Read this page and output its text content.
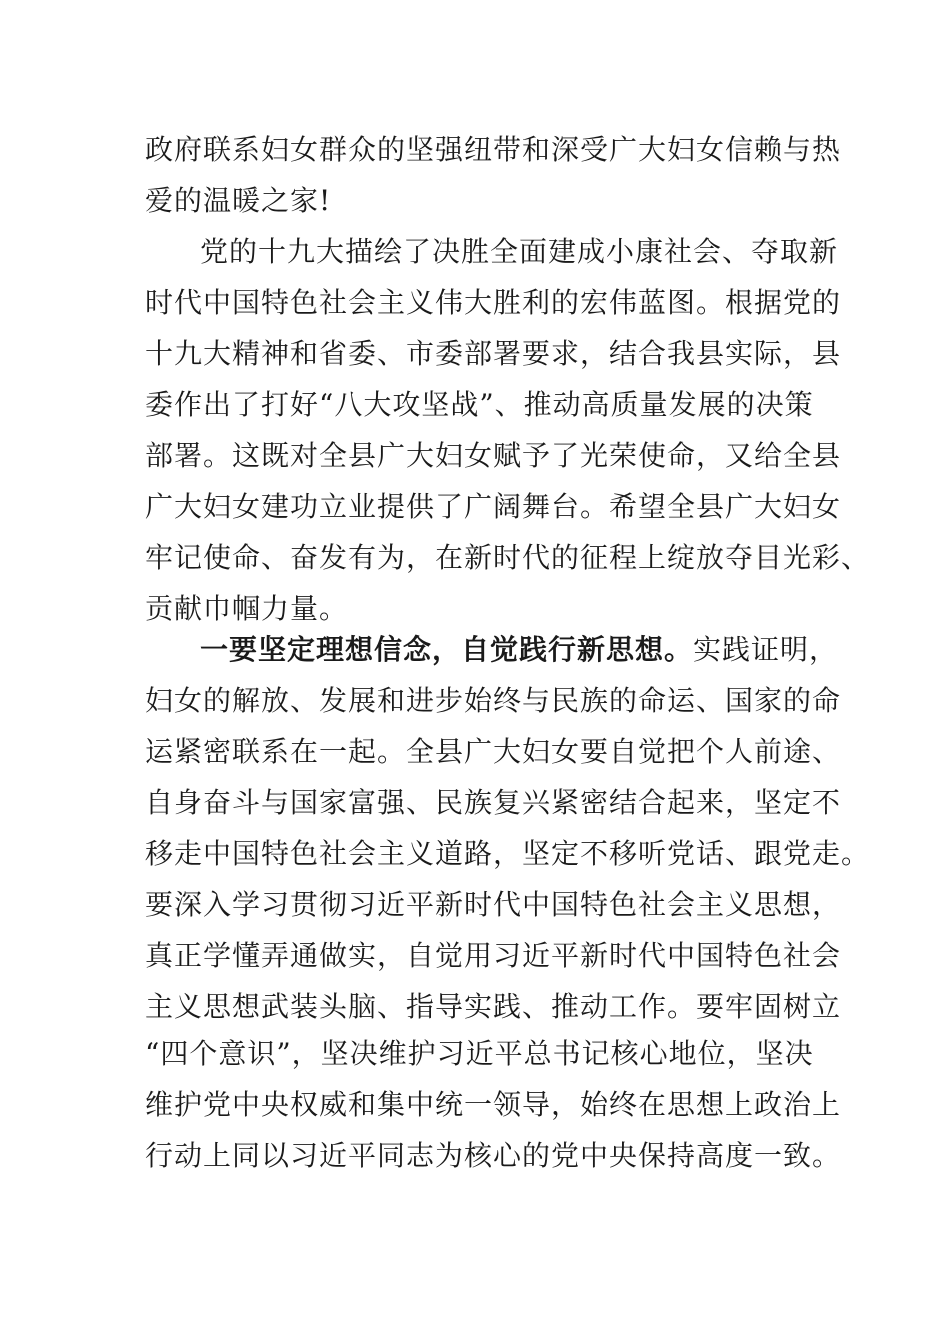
政府联系妇女群众的坚强纽带和深受广大妇女信赖与热
爱的温暖之家!
党的十九大描绘了决胜全面建成小康社会、夺取新
时代中国特色社会主义伟大胜利的宏伟蓝图。根据党的
十九大精神和省委、市委部署要求，结合我县实际，县
委作出了打好“八大攻坚战”、推动高质量发展的决策
部署。这既对全县广大妇女赋予了光荣使命，又给全县
广大妇女建功立业提供了广阔舞台。希望全县广大妇女
牢记使命、奋发有为，在新时代的征程上绽放夺目光彩、
贡献巾帼力量。
一要坚定理想信念，自觉践行新思想。实践证明，
妇女的解放、发展和进步始终与民族的命运、国家的命
运紧密联系在一起。全县广大妇女要自觉把个人前途、
自身奋斗与国家富强、民族复兴紧密结合起来，坚定不
移走中国特色社会主义道路，坚定不移听党话、跟党走。
要深入学习贯彻习近平新时代中国特色社会主义思想，
真正学懂弄通做实，自觉用习近平新时代中国特色社会
主义思想武装头脑、指导实践、推动工作。要牢固树立
“四个意识”，坚决维护习近平总书记核心地位，坚决
维护党中央权威和集中统一领导，始终在思想上政治上
行动上同以习近平同志为核心的党中央保持高度一致。
